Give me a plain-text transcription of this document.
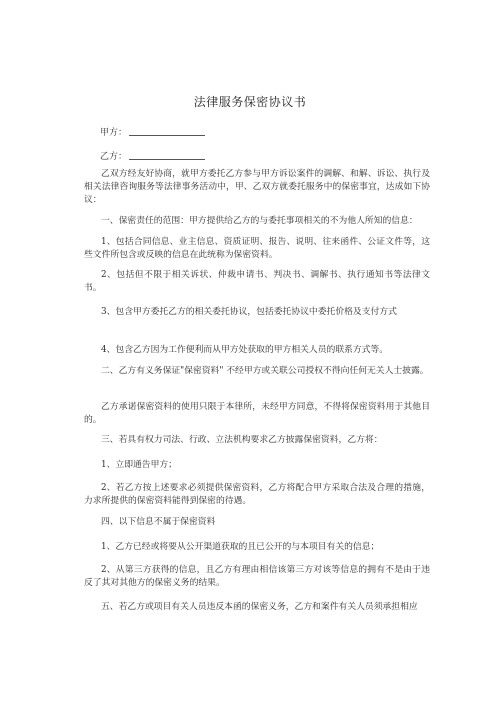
法律服务保密协议书
甲方：
乙方：
乙双方经友好协商，就甲方委托乙方参与甲方诉讼案件的调解、和解、诉讼、执行及相关法律咨询服务等法律事务活动中，甲、乙双方就委托服务中的保密事宜，达成如下协议：
一、保密责任的范围：甲方提供给乙方的与委托事项相关的不为他人所知的信息：
1、包括合同信息、业主信息、资质证明、报告、说明、往来函件、公证文件等，这些文件所包含或反映的信息在此统称为保密资料。
2、包括但不限于相关诉状、仲裁申请书、判决书、调解书、执行通知书等法律文书。
3、包含甲方委托乙方的相关委托协议，包括委托协议中委托价格及支付方式
4、包含乙方因为工作便利而从甲方处获取的甲方相关人员的联系方式等。
二、乙方有义务保证"保密资料" 不经甲方或关联公司授权不得向任何无关人士披露。
乙方承诺保密资料的使用只限于本律所，未经甲方同意，不得将保密资料用于其他目的。
三、若具有权力司法、行政、立法机构要求乙方披露保密资料，乙方将：
1、立即通告甲方；
2、若乙方按上述要求必须提供保密资料，乙方将配合甲方采取合法及合理的措施，力求所提供的保密资料能得到保密的待遇。
四、以下信息不属于保密资料
1、乙方已经或将要从公开渠道获取的且已公开的与本项目有关的信息；
2、从第三方获得的信息，且乙方有理由相信该第三方对该等信息的拥有不是由于违反了其对其他方的保密义务的结果。
五、若乙方或项目有关人员违反本函的保密义务，乙方和案件有关人员须承担相应
